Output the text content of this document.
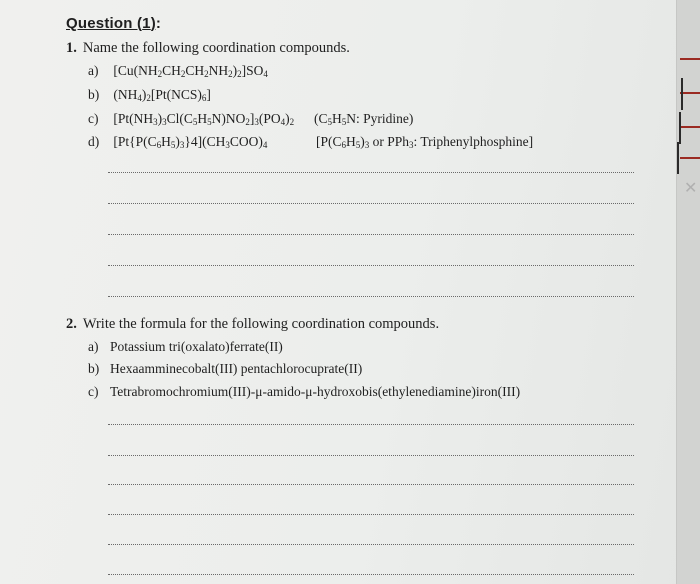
✕
Question (1):
1. Name the following coordination compounds.
a) $[Cu(NH_2CH_2CH_2NH_2)_2]SO_4$
b) $(NH_4)_2[Pt(NCS)_6]$
c) $[Pt(NH_3)_3Cl(C_5H_5N)NO_2]_3(PO_4)_2$ ($C_5H_5N$: Pyridine)
d) $[Pt\{P(C_6H_5)_3\}4](CH_3COO)_4$	[$P(C_6H_5)_3$ or PPh$_3$: Triphenylphosphine]
2. Write the formula for the following coordination compounds.
a) Potassium tri(oxalato)ferrate(II)
b) Hexaamminecobalt(III) pentachlorocuprate(II)
c) Tetrabromochromium(III)-μ-amido-μ-hydroxobis(ethylenediamine)iron(III)
